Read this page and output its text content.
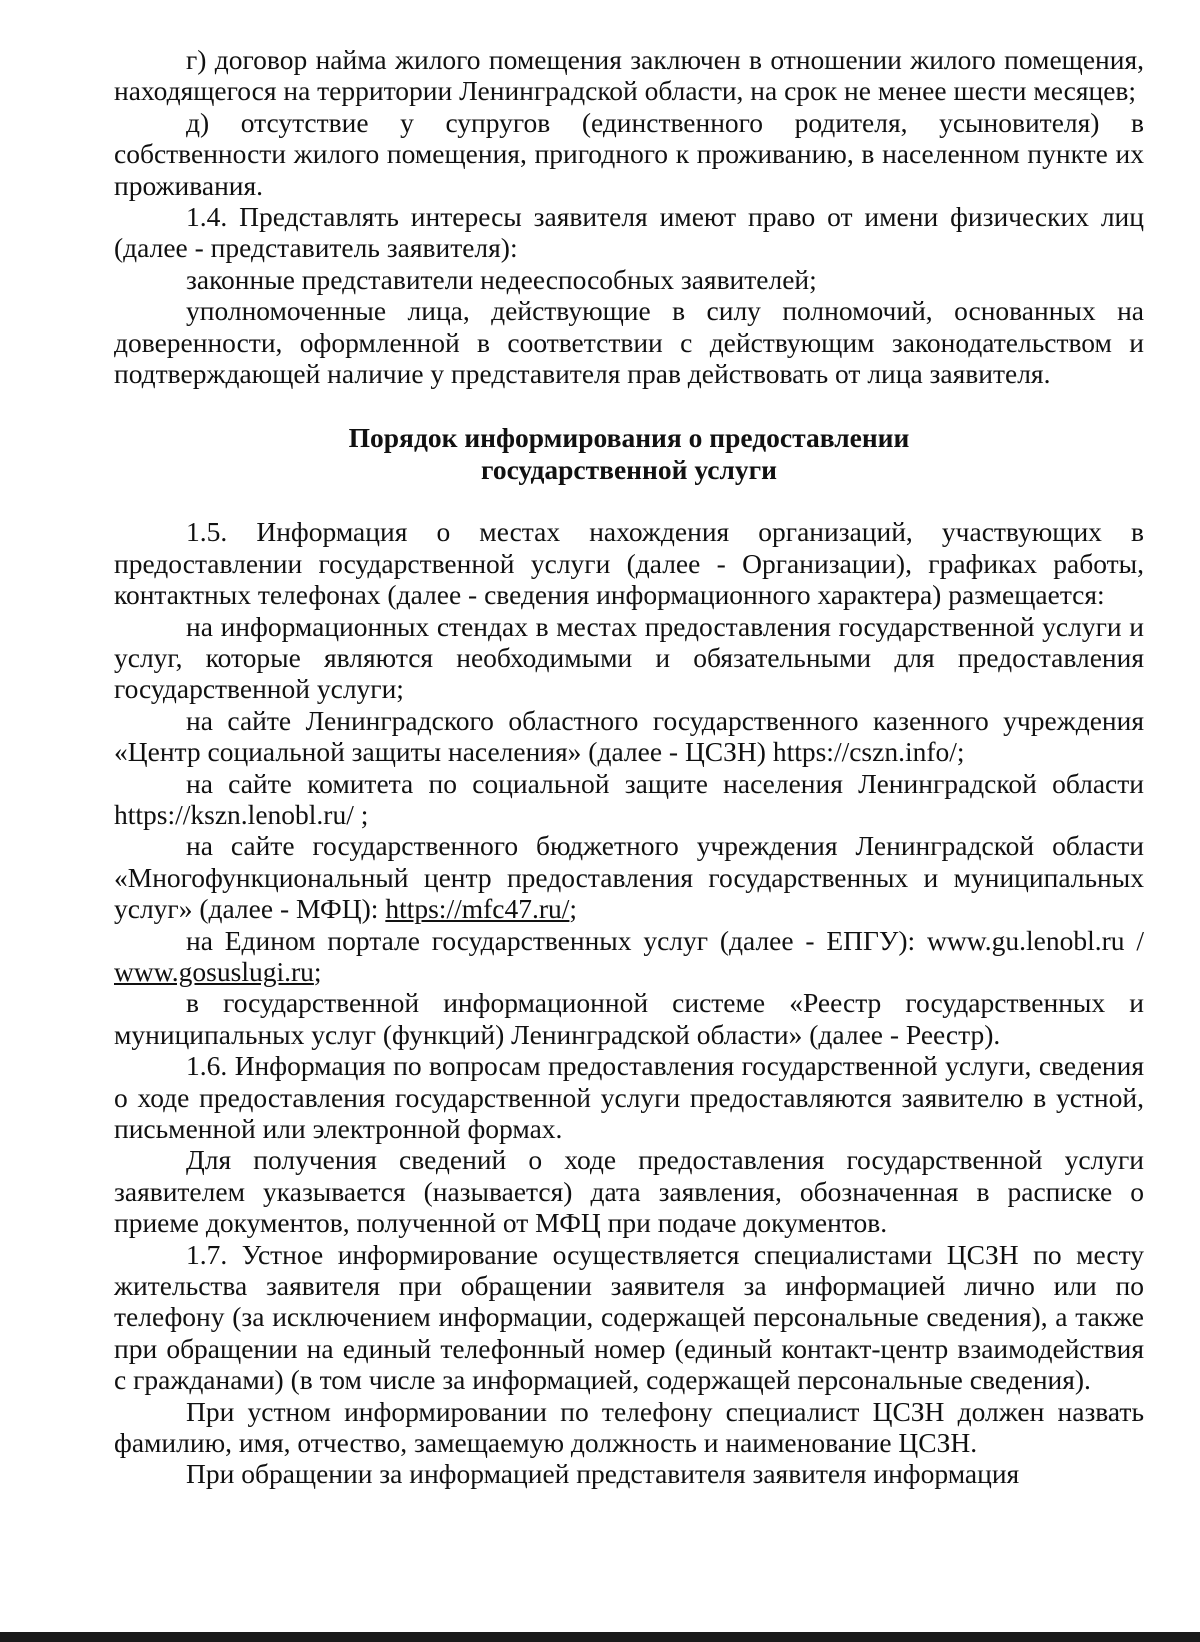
г) договор найма жилого помещения заключен в отношении жилого помещения, находящегося на территории Ленинградской области, на срок не менее шести месяцев;

д) отсутствие у супругов (единственного родителя, усыновителя) в собственности жилого помещения, пригодного к проживанию, в населенном пункте их проживания.

1.4. Представлять интересы заявителя имеют право от имени физических лиц (далее - представитель заявителя):

законные представители недееспособных заявителей;

уполномоченные лица, действующие в силу полномочий, основанных на доверенности, оформленной в соответствии с действующим законодательством и подтверждающей наличие у представителя прав действовать от лица заявителя.

Порядок информирования о предоставлении
государственной услуги

1.5. Информация о местах нахождения организаций, участвующих в предоставлении государственной услуги (далее - Организации), графиках работы, контактных телефонах (далее - сведения информационного характера) размещается:

на информационных стендах в местах предоставления государственной услуги и услуг, которые являются необходимыми и обязательными для предоставления государственной услуги;

на сайте Ленинградского областного государственного казенного учреждения «Центр социальной защиты населения» (далее - ЦСЗН) https://cszn.info/;

на сайте комитета по социальной защите населения Ленинградской области https://kszn.lenobl.ru/ ;

на сайте государственного бюджетного учреждения Ленинградской области «Многофункциональный центр предоставления государственных и муниципальных услуг» (далее - МФЦ): https://mfc47.ru/;

на Едином портале государственных услуг (далее - ЕПГУ): www.gu.lenobl.ru / www.gosuslugi.ru;

в государственной информационной системе «Реестр государственных и муниципальных услуг (функций) Ленинградской области» (далее - Реестр).

1.6. Информация по вопросам предоставления государственной услуги, сведения о ходе предоставления государственной услуги предоставляются заявителю в устной, письменной или электронной формах.

Для получения сведений о ходе предоставления государственной услуги заявителем указывается (называется) дата заявления, обозначенная в расписке о приеме документов, полученной от МФЦ при подаче документов.

1.7. Устное информирование осуществляется специалистами ЦСЗН по месту жительства заявителя при обращении заявителя за информацией лично или по телефону (за исключением информации, содержащей персональные сведения), а также при обращении на единый телефонный номер (единый контакт-центр взаимодействия с гражданами) (в том числе за информацией, содержащей персональные сведения).

При устном информировании по телефону специалист ЦСЗН должен назвать фамилию, имя, отчество, замещаемую должность и наименование ЦСЗН.

При обращении за информацией представителя заявителя информация
